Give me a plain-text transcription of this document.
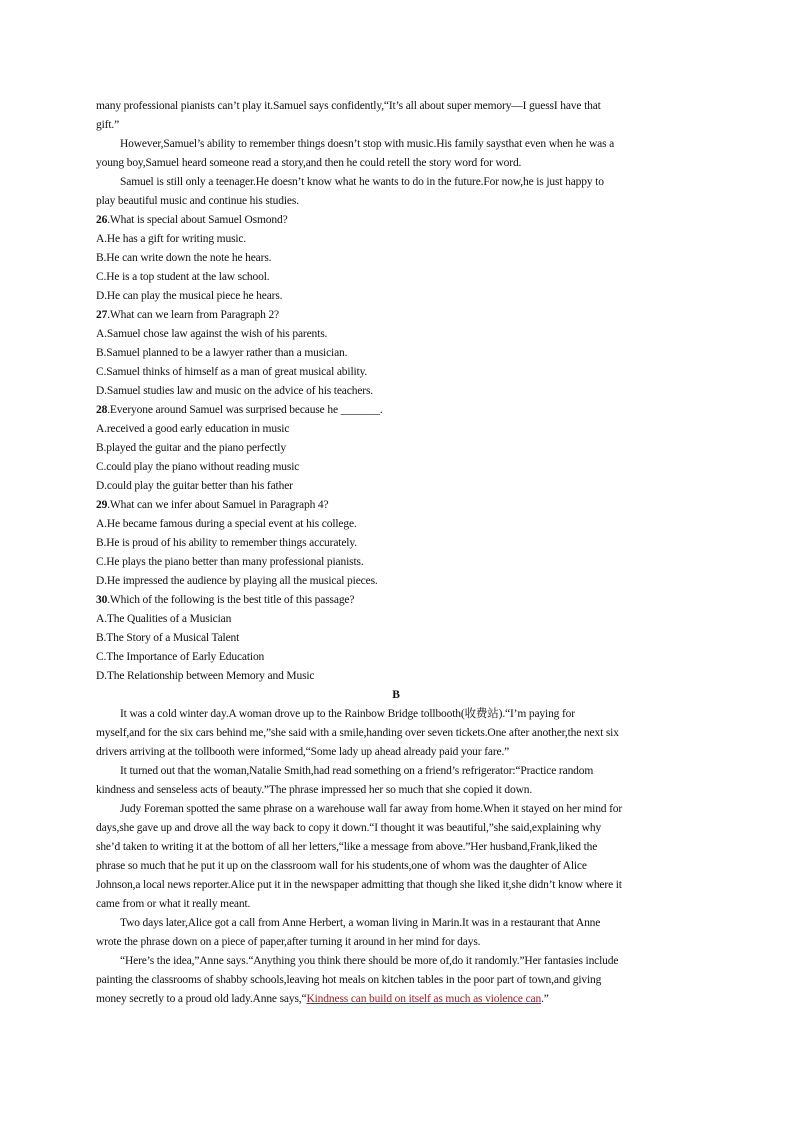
many professional pianists can’t play it.Samuel says confidently,“It’s all about super memory—I guessI have that
gift.”
However,Samuel’s ability to remember things doesn’t stop with music.His family saysthat even when he was a
young boy,Samuel heard someone read a story,and then he could retell the story word for word.
Samuel is still only a teenager.He doesn’t know what he wants to do in the future.For now,he is just happy to
play beautiful music and continue his studies.
26.What is special about Samuel Osmond?
A.He has a gift for writing music.
B.He can write down the note he hears.
C.He is a top student at the law school.
D.He can play the musical piece he hears.
27.What can we learn from Paragraph 2?
A.Samuel chose law against the wish of his parents.
B.Samuel planned to be a lawyer rather than a musician.
C.Samuel thinks of himself as a man of great musical ability.
D.Samuel studies law and music on the advice of his teachers.
28.Everyone around Samuel was surprised because he _______.
A.received a good early education in music
B.played the guitar and the piano perfectly
C.could play the piano without reading music
D.could play the guitar better than his father
29.What can we infer about Samuel in Paragraph 4?
A.He became famous during a special event at his college.
B.He is proud of his ability to remember things accurately.
C.He plays the piano better than many professional pianists.
D.He impressed the audience by playing all the musical pieces.
30.Which of the following is the best title of this passage?
A.The Qualities of a Musician
B.The Story of a Musical Talent
C.The Importance of Early Education
D.The Relationship between Memory and Music
B
It was a cold winter day.A woman drove up to the Rainbow Bridge tollbooth(收费站).“I’m paying for
myself,and for the six cars behind me,”she said with a smile,handing over seven tickets.One after another,the next six
drivers arriving at the tollbooth were informed,“Some lady up ahead already paid your fare.”
It turned out that the woman,Natalie Smith,had read something on a friend’s refrigerator:“Practice random
kindness and senseless acts of beauty.”The phrase impressed her so much that she copied it down.
Judy Foreman spotted the same phrase on a warehouse wall far away from home.When it stayed on her mind for
days,she gave up and drove all the way back to copy it down.“I thought it was beautiful,”she said,explaining why
she’d taken to writing it at the bottom of all her letters,“like a message from above.”Her husband,Frank,liked the
phrase so much that he put it up on the classroom wall for his students,one of whom was the daughter of Alice
Johnson,a local news reporter.Alice put it in the newspaper admitting that though she liked it,she didn’t know where it
came from or what it really meant.
Two days later,Alice got a call from Anne Herbert, a woman living in Marin.It was in a restaurant that Anne
wrote the phrase down on a piece of paper,after turning it around in her mind for days.
“Here’s the idea,”Anne says.“Anything you think there should be more of,do it randomly.”Her fantasies include
painting the classrooms of shabby schools,leaving hot meals on kitchen tables in the poor part of town,and giving
money secretly to a proud old lady.Anne says,“Kindness can build on itself as much as violence can.”
